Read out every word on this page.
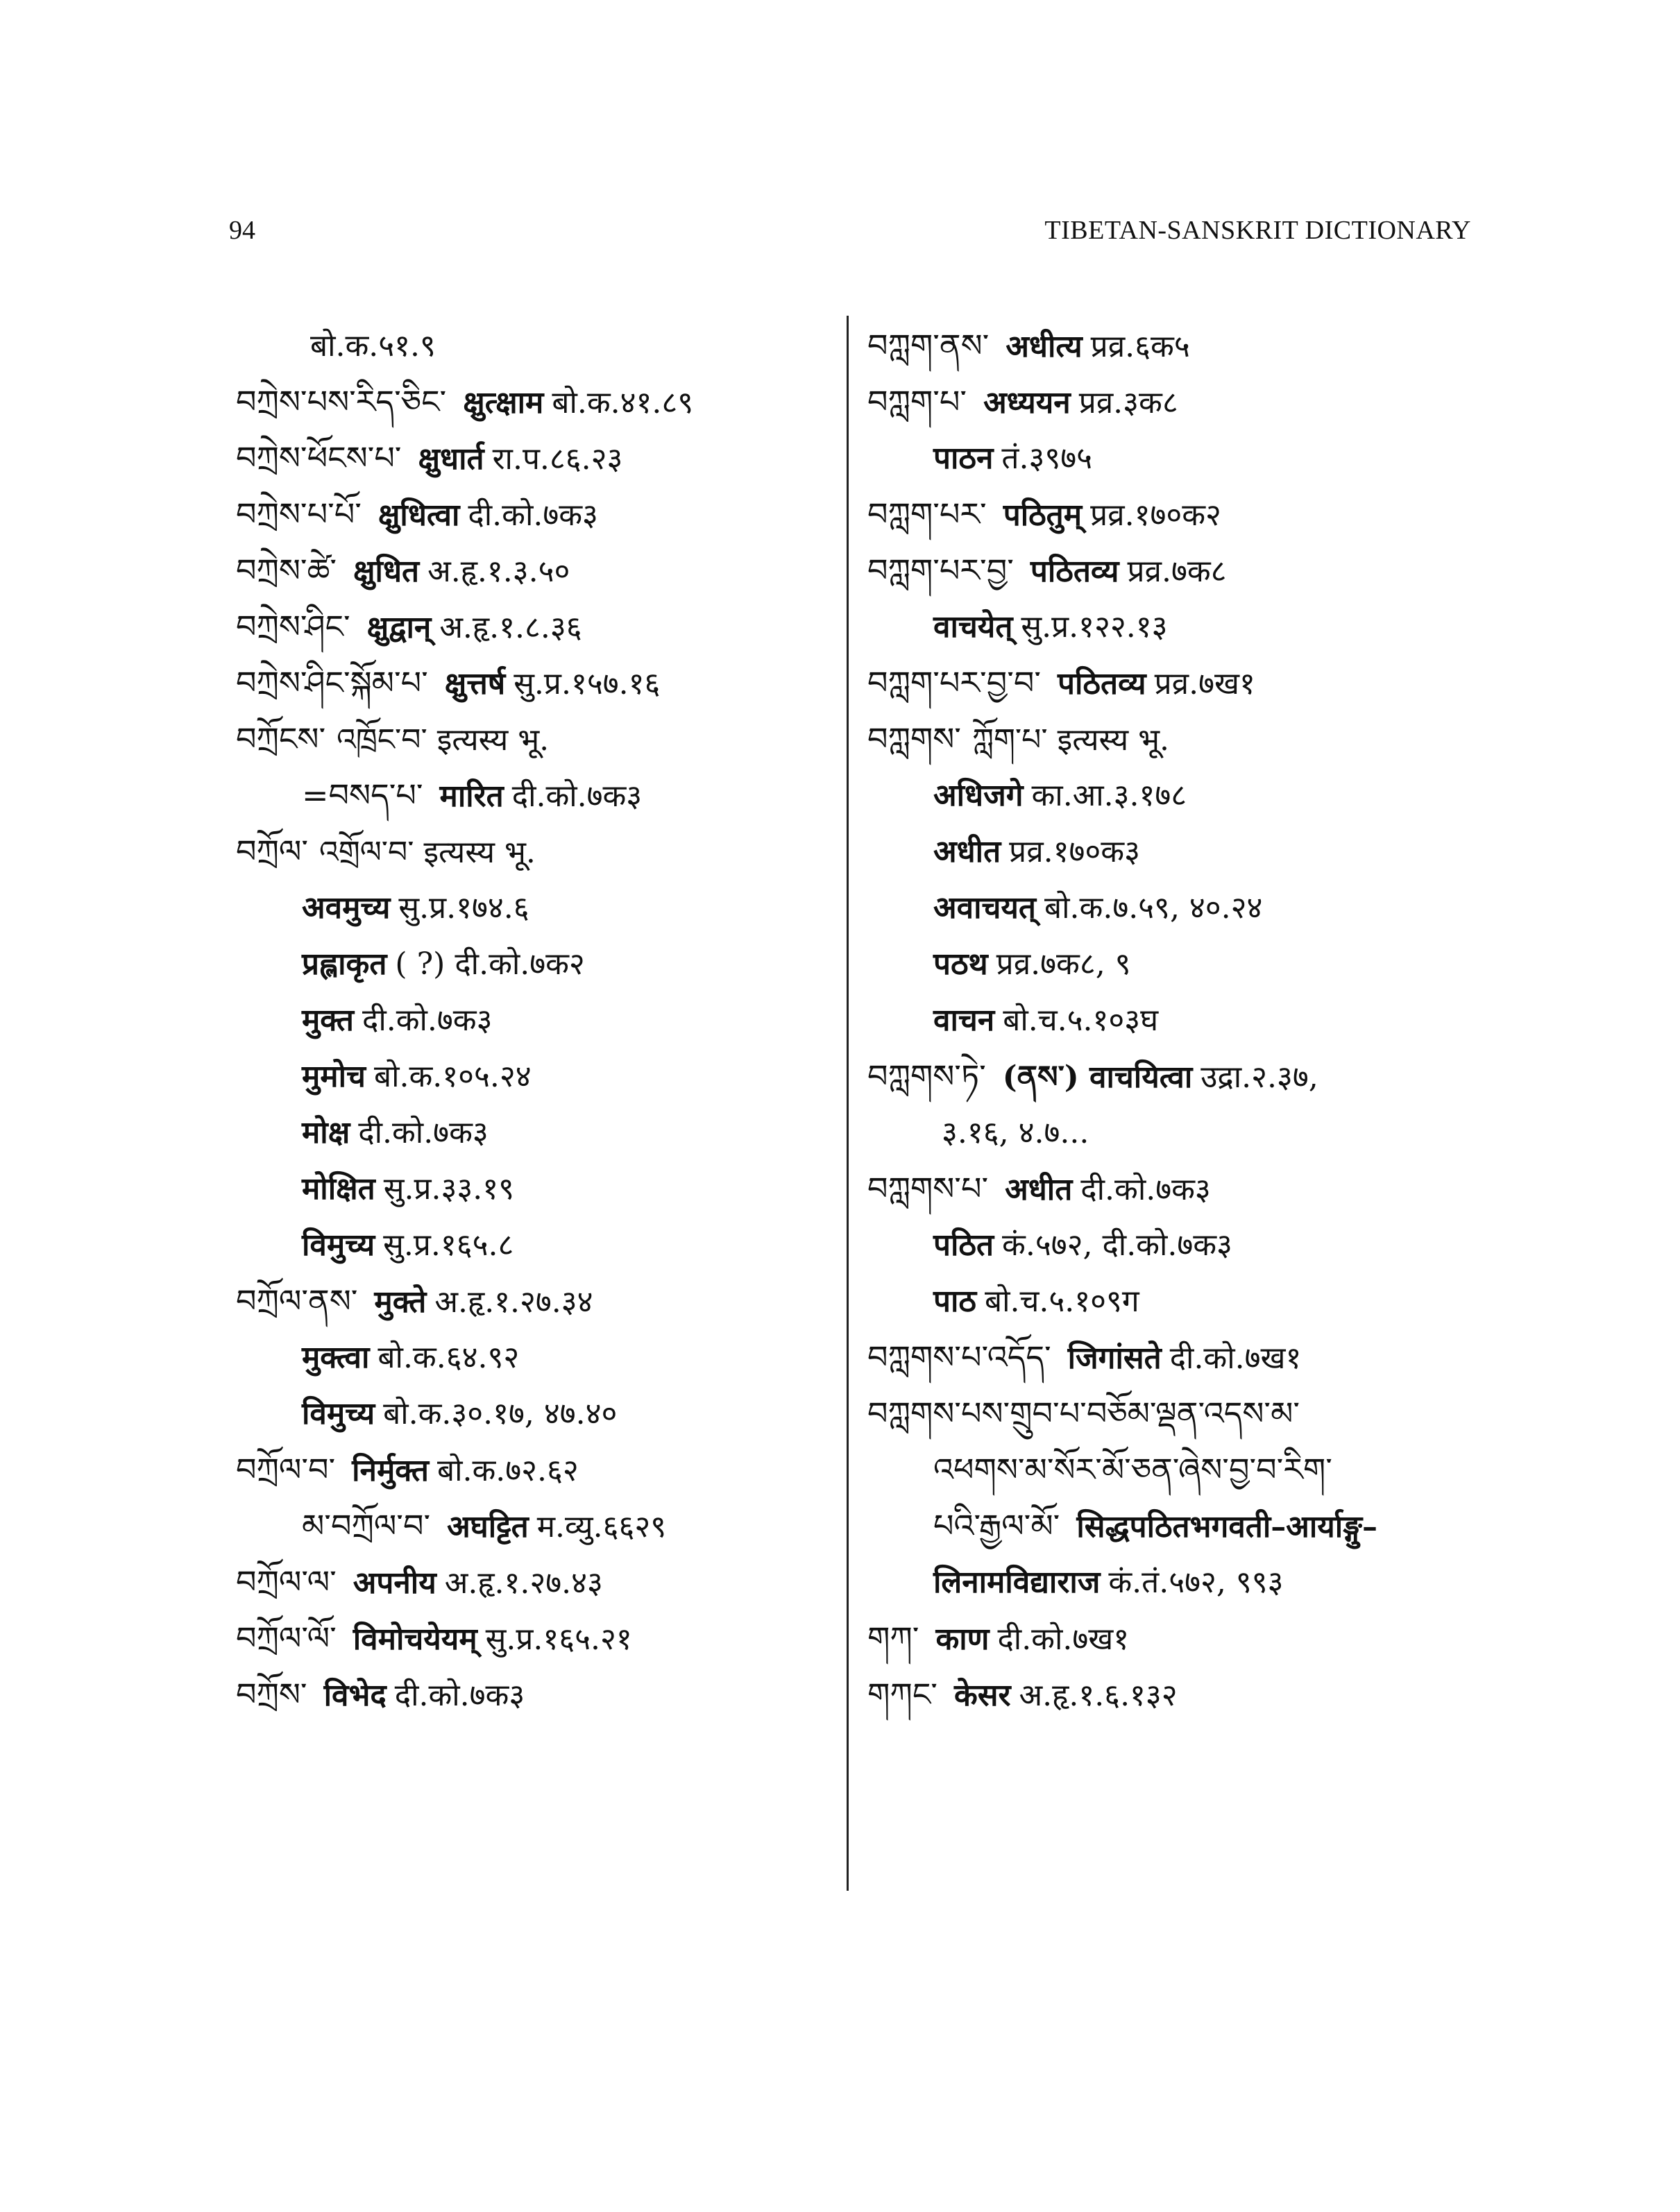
94	TIBETAN-SANSKRIT DICTIONARY
बो.क.५१.९
བཀྲེས་པས་རིད་ཅིང་ क्षुत्क्षाम बो.क.४१.८९
བཀྲེས་ཕོངས་པ་ क्षुधार्त रा.प.८६.२३
བཀྲེས་པ་པོ་ क्षुधित्वा दी.को.७क३
བཀྲེས་ཚེ་ क्षुधित अ.हृ.१.३.५०
བཀྲེས་ཤིང་ क्षुद्वान् अ.हृ.१.८.३६
བཀྲེས་ཤིང་སྐོམ་པ་ क्षुत्तर्ष सु.प्र.१५७.१६
བཀྲོངས་ འཁྲོང་བ་ इत्यस्य भू.
=བསད་པ་ मारित दी.को.७क३
བཀྲོལ་ འགྲོལ་བ་ इत्यस्य भू.
अवमुच्य सु.प्र.१७४.६
प्रह्लाकृत ( ?) दी.को.७क२
मुक्त दी.को.७क३
मुमोच बो.क.१०५.२४
मोक्ष दी.को.७क३
मोक्षित सु.प्र.३३.१९
विमुच्य सु.प्र.१६५.८
བཀྲོལ་ནས་ मुक्ते अ.हृ.१.२७.३४
मुक्त्वा बो.क.६४.९२
विमुच्य बो.क.३०.१७, ४७.४०
བཀྲོལ་བ་ निर्मुक्त बो.क.७२.६२
མ་བཀྲོལ་བ་ अघट्टित म.व्यु.६६२९
བཀྲོལ་ལ་ अपनीय अ.हृ.१.२७.४३
བཀྲོལ་ལོ་ विमोचयेयम् सु.प्र.१६५.२१
བཀྲོས་ विभेद दी.को.७क३
བཀླག་ནས་ अधीत्य प्रव्र.६क५
བཀླག་པ་ अध्ययन प्रव्र.३क८
पाठन तं.३९७५
བཀླག་པར་ पठितुम् प्रव्र.१७०क२
བཀླག་པར་བྱ་ पठितव्य प्रव्र.७क८
वाचयेत् सु.प्र.१२२.१३
བཀླག་པར་བྱ་བ་ पठितव्य प्रव्र.७ख१
བཀླགས་ ཀློག་པ་ इत्यस्य भू.
अधिजगे का.आ.३.१७८
अधीत प्रव्र.१७०क३
अवाचयत् बो.क.७.५९, ४०.२४
पठथ प्रव्र.७क८, ९
वाचन बो.च.५.१०३घ
བཀླགས་ཏེ་ (ནས་) वाचयित्वा उद्रा.२.३७,
३.१६, ४.७...
བཀླགས་པ་ अधीत दी.को.७क३
पठित कं.५७२, दी.को.७क३
पाठ बो.च.५.१०९ग
བཀླགས་པ་འདོད་ जिगांसते दी.को.७ख१
བཀླགས་པས་གྲུབ་པ་བཅོམ་ལྡན་འདས་མ་
འཕགས་མ་སོར་མོ་ཅན་ཞེས་བྱ་བ་རིག་
པའི་རྒྱལ་མོ་ सिद्धपठितभगवती–आर्याङ्गु–
लिनामविद्याराज कं.तं.५७२, ९९३
གཀ་ काण दी.को.७ख१
གཀང་ केसर अ.हृ.१.६.१३२
